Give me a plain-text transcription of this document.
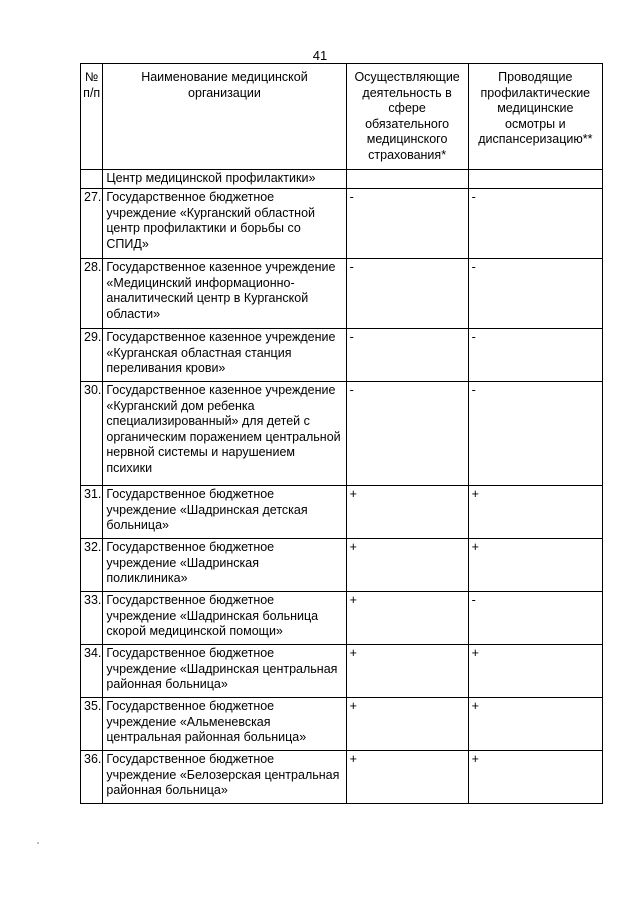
41
№ п/п	Наименование медицинской организации	Осуществляющие деятельность в сфере обязательного медицинского страхования*	Проводящие профилактические медицинские осмотры и диспансеризацию**
	Центр медицинской профилактики»		
27.	Государственное бюджетное учреждение «Курганский областной центр профилактики и борьбы со СПИД»	-	-
28.	Государственное казенное учреждение «Медицинский информационно-аналитический центр в Курганской области»	-	-
29.	Государственное казенное учреждение «Курганская областная станция переливания крови»	-	-
30.	Государственное казенное учреждение «Курганский дом ребенка специализированный» для детей с органическим поражением центральной нервной системы и нарушением психики	-	-
31.	Государственное бюджетное учреждение «Шадринская детская больница»	+	+
32.	Государственное бюджетное учреждение «Шадринская поликлиника»	+	+
33.	Государственное бюджетное учреждение «Шадринская больница скорой медицинской помощи»	+	-
34.	Государственное бюджетное учреждение «Шадринская центральная районная больница»	+	+
35.	Государственное бюджетное учреждение «Альменевская центральная районная больница»	+	+
36.	Государственное бюджетное учреждение «Белозерская центральная районная больница»	+	+
